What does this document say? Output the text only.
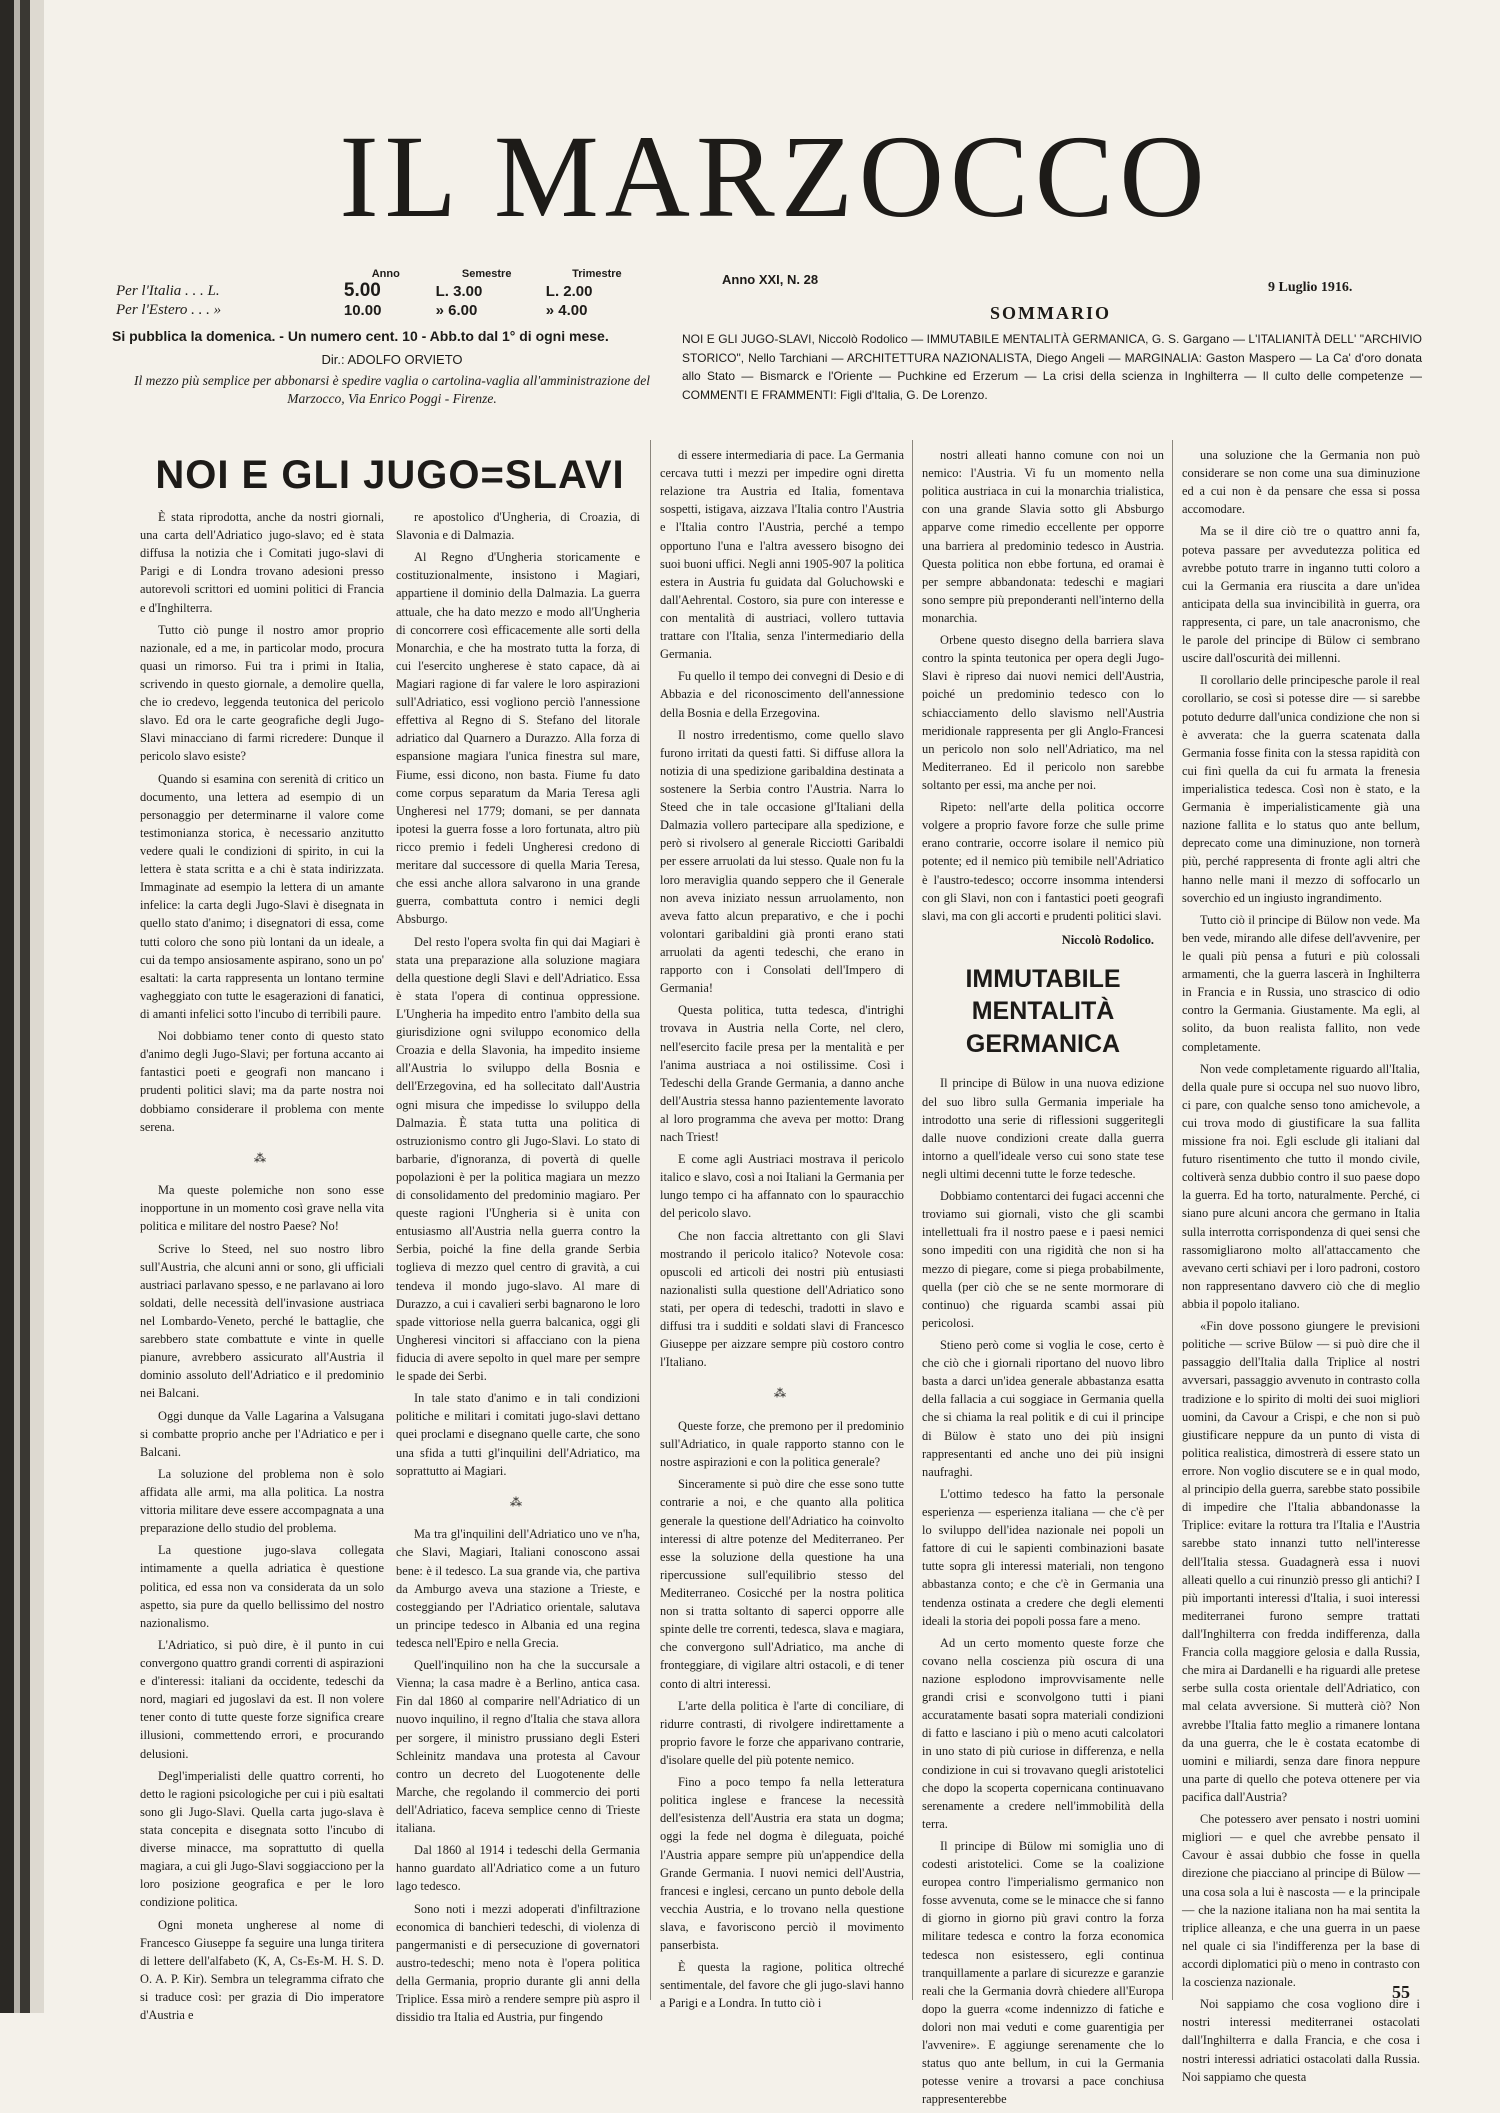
IL MARZOCCO
	Anno	Semestre	Trimestre
Per l'Italia . . . L.	5.00	L. 3.00	L. 2.00
Per l'Estero . . . »	10.00	» 6.00	» 4.00
Si pubblica la domenica. - Un numero cent. 10 - Abb.to dal 1° di ogni mese.
Dir.: ADOLFO ORVIETO
Il mezzo più semplice per abbonarsi è spedire vaglia o cartolina-vaglia all'amministrazione del Marzocco, Via Enrico Poggi - Firenze.
Anno XXI, N. 28
9 Luglio 1916.
SOMMARIO
NOI E GLI JUGO-SLAVI, Niccolò Rodolico — IMMUTABILE MENTALITÀ GERMANICA, G. S. Gargano — L'ITALIANITÀ DELL' "ARCHIVIO STORICO", Nello Tarchiani — ARCHITETTURA NAZIONALISTA, Diego Angeli — MARGINALIA: Gaston Maspero — La Ca' d'oro donata allo Stato — Bismarck e l'Oriente — Puchkine ed Erzerum — La crisi della scienza in Inghilterra — Il culto delle competenze — COMMENTI E FRAMMENTI: Figli d'Italia, G. De Lorenzo.
NOI E GLI JUGO=SLAVI

È stata riprodotta, anche da nostri giornali, una carta dell'Adriatico jugo-slavo; ed è stata diffusa la notizia che i Comitati jugo-slavi di Parigi e di Londra trovano adesioni presso autorevoli scrittori ed uomini politici di Francia e d'Inghilterra.

Tutto ciò punge il nostro amor proprio nazionale, ed a me, in particolar modo, procura quasi un rimorso. Fui tra i primi in Italia, scrivendo in questo giornale, a demolire quella, che io credevo, leggenda teutonica del pericolo slavo. Ed ora le carte geografiche degli Jugo-Slavi minacciano di farmi ricredere: Dunque il pericolo slavo esiste?

Quando si esamina con serenità di critico un documento, una lettera ad esempio di un personaggio per determinarne il valore come testimonianza storica, è necessario anzitutto vedere quali le condizioni di spirito, in cui la lettera è stata scritta e a chi è stata indirizzata. Immaginate ad esempio la lettera di un amante infelice: la carta degli Jugo-Slavi è disegnata in quello stato d'animo; i disegnatori di essa, come tutti coloro che sono più lontani da un ideale, a cui da tempo ansiosamente aspirano, sono un po' esaltati: la carta rappresenta un lontano termine vagheggiato con tutte le esagerazioni di fanatici, di amanti infelici sotto l'incubo di terribili paure.

Noi dobbiamo tener conto di questo stato d'animo degli Jugo-Slavi; per fortuna accanto ai fantastici poeti e geografi non mancano i prudenti politici slavi; ma da parte nostra noi dobbiamo considerare il problema con mente serena.

⁂

Ma queste polemiche non sono esse inopportune in un momento così grave nella vita politica e militare del nostro Paese? No!

Scrive lo Steed, nel suo nostro libro sull'Austria, che alcuni anni or sono, gli ufficiali austriaci parlavano spesso, e ne parlavano ai loro soldati, delle necessità dell'invasione austriaca nel Lombardo-Veneto, perché le battaglie, che sarebbero state combattute e vinte in quelle pianure, avrebbero assicurato all'Austria il dominio assoluto dell'Adriatico e il predominio nei Balcani.

Oggi dunque da Valle Lagarina a Valsugana si combatte proprio anche per l'Adriatico e per i Balcani.

La soluzione del problema non è solo affidata alle armi, ma alla politica. La nostra vittoria militare deve essere accompagnata a una preparazione dello studio del problema.

La questione jugo-slava collegata intimamente a quella adriatica è questione politica, ed essa non va considerata da un solo aspetto, sia pure da quello bellissimo del nostro nazionalismo.

L'Adriatico, si può dire, è il punto in cui convergono quattro grandi correnti di aspirazioni e d'interessi: italiani da occidente, tedeschi da nord, magiari ed jugoslavi da est. Il non volere tener conto di tutte queste forze significa creare illusioni, commettendo errori, e procurando delusioni.

Degl'imperialisti delle quattro correnti, ho detto le ragioni psicologiche per cui i più esaltati sono gli Jugo-Slavi. Quella carta jugo-slava è stata concepita e disegnata sotto l'incubo di diverse minacce, ma soprattutto di quella magiara, a cui gli Jugo-Slavi soggiacciono per la loro posizione geografica e per le loro condizione politica.

Ogni moneta ungherese al nome di Francesco Giuseppe fa seguire una lunga tiritera di lettere dell'alfabeto (K, A, Cs-Es-M. H. S. D. O. A. P. Kir). Sembra un telegramma cifrato che si traduce così: per grazia di Dio imperatore d'Austria e

re apostolico d'Ungheria, di Croazia, di Slavonia e di Dalmazia.

Al Regno d'Ungheria storicamente e costituzionalmente, insistono i Magiari, appartiene il dominio della Dalmazia. La guerra attuale, che ha dato mezzo e modo all'Ungheria di concorrere così efficacemente alle sorti della Monarchia, e che ha mostrato tutta la forza, di cui l'esercito ungherese è stato capace, dà ai Magiari ragione di far valere le loro aspirazioni sull'Adriatico, essi vogliono perciò l'annessione effettiva al Regno di S. Stefano del litorale adriatico dal Quarnero a Durazzo. Alla forza di espansione magiara l'unica finestra sul mare, Fiume, essi dicono, non basta. Fiume fu dato come corpus separatum da Maria Teresa agli Ungheresi nel 1779; domani, se per dannata ipotesi la guerra fosse a loro fortunata, altro più ricco premio i fedeli Ungheresi credono di meritare dal successore di quella Maria Teresa, che essi anche allora salvarono in una grande guerra, combattuta contro i nemici degli Absburgo.

Del resto l'opera svolta fin qui dai Magiari è stata una preparazione alla soluzione magiara della questione degli Slavi e dell'Adriatico. Essa è stata l'opera di continua oppressione. L'Ungheria ha impedito entro l'ambito della sua giurisdizione ogni sviluppo economico della Croazia e della Slavonia, ha impedito insieme all'Austria lo sviluppo della Bosnia e dell'Erzegovina, ed ha sollecitato dall'Austria ogni misura che impedisse lo sviluppo della Dalmazia. È stata tutta una politica di ostruzionismo contro gli Jugo-Slavi. Lo stato di barbarie, d'ignoranza, di povertà di quelle popolazioni è per la politica magiara un mezzo di consolidamento del predominio magiaro. Per queste ragioni l'Ungheria si è unita con entusiasmo all'Austria nella guerra contro la Serbia, poiché la fine della grande Serbia toglieva di mezzo quel centro di gravità, a cui tendeva il mondo jugo-slavo. Al mare di Durazzo, a cui i cavalieri serbi bagnarono le loro spade vittoriose nella guerra balcanica, oggi gli Ungheresi vincitori si affacciano con la piena fiducia di avere sepolto in quel mare per sempre le spade dei Serbi.

In tale stato d'animo e in tali condizioni politiche e militari i comitati jugo-slavi dettano quei proclami e disegnano quelle carte, che sono una sfida a tutti gl'inquilini dell'Adriatico, ma soprattutto ai Magiari.

⁂

Ma tra gl'inquilini dell'Adriatico uno ve n'ha, che Slavi, Magiari, Italiani conoscono assai bene: è il tedesco. La sua grande via, che partiva da Amburgo aveva una stazione a Trieste, e costeggiando per l'Adriatico orientale, salutava un principe tedesco in Albania ed una regina tedesca nell'Epiro e nella Grecia.

Quell'inquilino non ha che la succursale a Vienna; la casa madre è a Berlino, antica casa. Fin dal 1860 al comparire nell'Adriatico di un nuovo inquilino, il regno d'Italia che stava allora per sorgere, il ministro prussiano degli Esteri Schleinitz mandava una protesta al Cavour contro un decreto del Luogotenente delle Marche, che regolando il commercio dei porti dell'Adriatico, faceva semplice cenno di Trieste italiana.

Dal 1860 al 1914 i tedeschi della Germania hanno guardato all'Adriatico come a un futuro lago tedesco.

Sono noti i mezzi adoperati d'infiltrazione economica di banchieri tedeschi, di violenza di pangermanisti e di persecuzione di governatori austro-tedeschi; meno nota è l'opera politica della Germania, proprio durante gli anni della Triplice. Essa mirò a rendere sempre più aspro il dissidio tra Italia ed Austria, pur fingendo

di essere intermediaria di pace. La Germania cercava tutti i mezzi per impedire ogni diretta relazione tra Austria ed Italia, fomentava sospetti, istigava, aizzava l'Italia contro l'Austria e l'Italia contro l'Austria, perché a tempo opportuno l'una e l'altra avessero bisogno dei suoi buoni uffici. Negli anni 1905-907 la politica estera in Austria fu guidata dal Goluchowski e dall'Aehrental. Costoro, sia pure con interesse e con mentalità di austriaci, vollero tuttavia trattare con l'Italia, senza l'intermediario della Germania.

Fu quello il tempo dei convegni di Desio e di Abbazia e del riconoscimento dell'annessione della Bosnia e della Erzegovina.

Il nostro irredentismo, come quello slavo furono irritati da questi fatti. Si diffuse allora la notizia di una spedizione garibaldina destinata a sostenere la Serbia contro l'Austria. Narra lo Steed che in tale occasione gl'Italiani della Dalmazia vollero partecipare alla spedizione, e però si rivolsero al generale Ricciotti Garibaldi per essere arruolati da lui stesso. Quale non fu la loro meraviglia quando seppero che il Generale non aveva iniziato nessun arruolamento, non aveva fatto alcun preparativo, e che i pochi volontari garibaldini già pronti erano stati arruolati da agenti tedeschi, che erano in rapporto con i Consolati dell'Impero di Germania!

Questa politica, tutta tedesca, d'intrighi trovava in Austria nella Corte, nel clero, nell'esercito facile presa per la mentalità e per l'anima austriaca a noi ostilissime. Così i Tedeschi della Grande Germania, a danno anche dell'Austria stessa hanno pazientemente lavorato al loro programma che aveva per motto: Drang nach Triest!

E come agli Austriaci mostrava il pericolo italico e slavo, così a noi Italiani la Germania per lungo tempo ci ha affannato con lo spauracchio del pericolo slavo.

Che non faccia altrettanto con gli Slavi mostrando il pericolo italico? Notevole cosa: opuscoli ed articoli dei nostri più entusiasti nazionalisti sulla questione dell'Adriatico sono stati, per opera di tedeschi, tradotti in slavo e diffusi tra i sudditi e soldati slavi di Francesco Giuseppe per aizzare sempre più costoro contro l'Italiano.

⁂

Queste forze, che premono per il predominio sull'Adriatico, in quale rapporto stanno con le nostre aspirazioni e con la politica generale?

Sinceramente si può dire che esse sono tutte contrarie a noi, e che quanto alla politica generale la questione dell'Adriatico ha coinvolto interessi di altre potenze del Mediterraneo. Per esse la soluzione della questione ha una ripercussione sull'equilibrio stesso del Mediterraneo. Cosicché per la nostra politica non si tratta soltanto di saperci opporre alle spinte delle tre correnti, tedesca, slava e magiara, che convergono sull'Adriatico, ma anche di fronteggiare, di vigilare altri ostacoli, e di tener conto di altri interessi.

L'arte della politica è l'arte di conciliare, di ridurre contrasti, di rivolgere indirettamente a proprio favore le forze che apparivano contrarie, d'isolare quelle del più potente nemico.

Fino a poco tempo fa nella letteratura politica inglese e francese la necessità dell'esistenza dell'Austria era stata un dogma; oggi la fede nel dogma è dileguata, poiché l'Austria appare sempre più un'appendice della Grande Germania. I nuovi nemici dell'Austria, francesi e inglesi, cercano un punto debole della vecchia Austria, e lo trovano nella questione slava, e favoriscono perciò il movimento panserbista.

È questa la ragione, politica oltreché sentimentale, del favore che gli jugo-slavi hanno a Parigi e a Londra. In tutto ciò i

nostri alleati hanno comune con noi un nemico: l'Austria. Vi fu un momento nella politica austriaca in cui la monarchia trialistica, con una grande Slavia sotto gli Absburgo apparve come rimedio eccellente per opporre una barriera al predominio tedesco in Austria. Questa politica non ebbe fortuna, ed oramai è per sempre abbandonata: tedeschi e magiari sono sempre più preponderanti nell'interno della monarchia.

Orbene questo disegno della barriera slava contro la spinta teutonica per opera degli Jugo-Slavi è ripreso dai nuovi nemici dell'Austria, poiché un predominio tedesco con lo schiacciamento dello slavismo nell'Austria meridionale rappresenta per gli Anglo-Francesi un pericolo non solo nell'Adriatico, ma nel Mediterraneo. Ed il pericolo non sarebbe soltanto per essi, ma anche per noi.

Ripeto: nell'arte della politica occorre volgere a proprio favore forze che sulle prime erano contrarie, occorre isolare il nemico più potente; ed il nemico più temibile nell'Adriatico è l'austro-tedesco; occorre insomma intendersi con gli Slavi, non con i fantastici poeti geografi slavi, ma con gli accorti e prudenti politici slavi.

Niccolò Rodolico.
IMMUTABILE
MENTALITÀ
GERMANICA

Il principe di Bülow in una nuova edizione del suo libro sulla Germania imperiale ha introdotto una serie di riflessioni suggeritegli dalle nuove condizioni create dalla guerra intorno a quell'ideale verso cui sono state tese negli ultimi decenni tutte le forze tedesche.

Dobbiamo contentarci dei fugaci accenni che troviamo sui giornali, visto che gli scambi intellettuali fra il nostro paese e i paesi nemici sono impediti con una rigidità che non si ha mezzo di piegare, come si piega probabilmente, quella (per ciò che se ne sente mormorare di continuo) che riguarda scambi assai più pericolosi.

Stieno però come si voglia le cose, certo è che ciò che i giornali riportano del nuovo libro basta a darci un'idea generale abbastanza esatta della fallacia a cui soggiace in Germania quella che si chiama la real politik e di cui il principe di Bülow è stato uno dei più insigni rappresentanti ed anche uno dei più insigni naufraghi.

L'ottimo tedesco ha fatto la personale esperienza — esperienza italiana — che c'è per lo sviluppo dell'idea nazionale nei popoli un fattore di cui le sapienti combinazioni basate tutte sopra gli interessi materiali, non tengono abbastanza conto; e che c'è in Germania una tendenza ostinata a credere che degli elementi ideali la storia dei popoli possa fare a meno.

Ad un certo momento queste forze che covano nella coscienza più oscura di una nazione esplodono improvvisamente nelle grandi crisi e sconvolgono tutti i piani accuratamente basati sopra materiali condizioni di fatto e lasciano i più o meno acuti calcolatori in uno stato di più curiose in differenza, e nella condizione in cui si trovavano quegli aristotelici che dopo la scoperta copernicana continuavano serenamente a credere nell'immobilità della terra.

Il principe di Bülow mi somiglia uno di codesti aristotelici. Come se la coalizione europea contro l'imperialismo germanico non fosse avvenuta, come se le minacce che si fanno di giorno in giorno più gravi contro la forza militare tedesca e contro la forza economica tedesca non esistessero, egli continua tranquillamente a parlare di sicurezze e garanzie reali che la Germania dovrà chiedere all'Europa dopo la guerra «come indennizzo di fatiche e dolori non mai veduti e come guarentigia per l'avvenire». E aggiunge serenamente che lo status quo ante bellum, in cui la Germania potesse venire a trovarsi a pace conchiusa rappresenterebbe

una soluzione che la Germania non può considerare se non come una sua diminuzione ed a cui non è da pensare che essa si possa accomodare.

Ma se il dire ciò tre o quattro anni fa, poteva passare per avvedutezza politica ed avrebbe potuto trarre in inganno tutti coloro a cui la Germania era riuscita a dare un'idea anticipata della sua invincibilità in guerra, ora rappresenta, ci pare, un tale anacronismo, che le parole del principe di Bülow ci sembrano uscire dall'oscurità dei millenni.

Il corollario delle principesche parole il real corollario, se così si potesse dire — si sarebbe potuto dedurre dall'unica condizione che non si è avverata: che la guerra scatenata dalla Germania fosse finita con la stessa rapidità con cui finì quella da cui fu armata la frenesia imperialistica tedesca. Così non è stato, e la Germania è imperialisticamente già una nazione fallita e lo status quo ante bellum, deprecato come una diminuzione, non tornerà più, perché rappresenta di fronte agli altri che hanno nelle mani il mezzo di soffocarlo un soverchio ed un ingiusto ingrandimento.

Tutto ciò il principe di Bülow non vede. Ma ben vede, mirando alle difese dell'avvenire, per le quali più pensa a futuri e più colossali armamenti, che la guerra lascerà in Inghilterra in Francia e in Russia, uno strascico di odio contro la Germania. Giustamente. Ma egli, al solito, da buon realista fallito, non vede completamente.

Non vede completamente riguardo all'Italia, della quale pure si occupa nel suo nuovo libro, ci pare, con qualche senso tono amichevole, a cui trova modo di giustificare la sua fallita missione fra noi. Egli esclude gli italiani dal futuro risentimento che tutto il mondo civile, coltiverà senza dubbio contro il suo paese dopo la guerra. Ed ha torto, naturalmente. Perché, ci siano pure alcuni ancora che germano in Italia sulla interrotta corrispondenza di quei sensi che rassomigliarono molto all'attaccamento che avevano certi schiavi per i loro padroni, costoro non rappresentano davvero ciò che di meglio abbia il popolo italiano.

«Fin dove possono giungere le previsioni politiche — scrive Bülow — si può dire che il passaggio dell'Italia dalla Triplice al nostri avversari, passaggio avvenuto in contrasto colla tradizione e lo spirito di molti dei suoi migliori uomini, da Cavour a Crispi, e che non si può giustificare neppure da un punto di vista di politica realistica, dimostrerà di essere stato un errore. Non voglio discutere se e in qual modo, al principio della guerra, sarebbe stato possibile di impedire che l'Italia abbandonasse la Triplice: evitare la rottura tra l'Italia e l'Austria sarebbe stato innanzi tutto nell'interesse dell'Italia stessa. Guadagnerà essa i nuovi alleati quello a cui rinunziò presso gli antichi? I più importanti interessi d'Italia, i suoi interessi mediterranei furono sempre trattati dall'Inghilterra con fredda indifferenza, dalla Francia colla maggiore gelosia e dalla Russia, che mira ai Dardanelli e ha riguardi alle pretese serbe sulla costa orientale dell'Adriatico, con mal celata avversione. Si mutterà ciò? Non avrebbe l'Italia fatto meglio a rimanere lontana da una guerra, che le è costata ecatombe di uomini e miliardi, senza dare finora neppure una parte di quello che poteva ottenere per via pacifica dall'Austria?

Che potessero aver pensato i nostri uomini migliori — e quel che avrebbe pensato il Cavour è assai dubbio che fosse in quella direzione che piacciano al principe di Bülow — una cosa sola a lui è nascosta — e la principale — che la nazione italiana non ha mai sentita la triplice alleanza, e che una guerra in un paese nel quale ci sia l'indifferenza per la base di accordi diplomatici più o meno in contrasto con la coscienza nazionale.

Noi sappiamo che cosa vogliono dire i nostri interessi mediterranei ostacolati dall'Inghilterra e dalla Francia, e che cosa i nostri interessi adriatici ostacolati dalla Russia. Noi sappiamo che questa

55
